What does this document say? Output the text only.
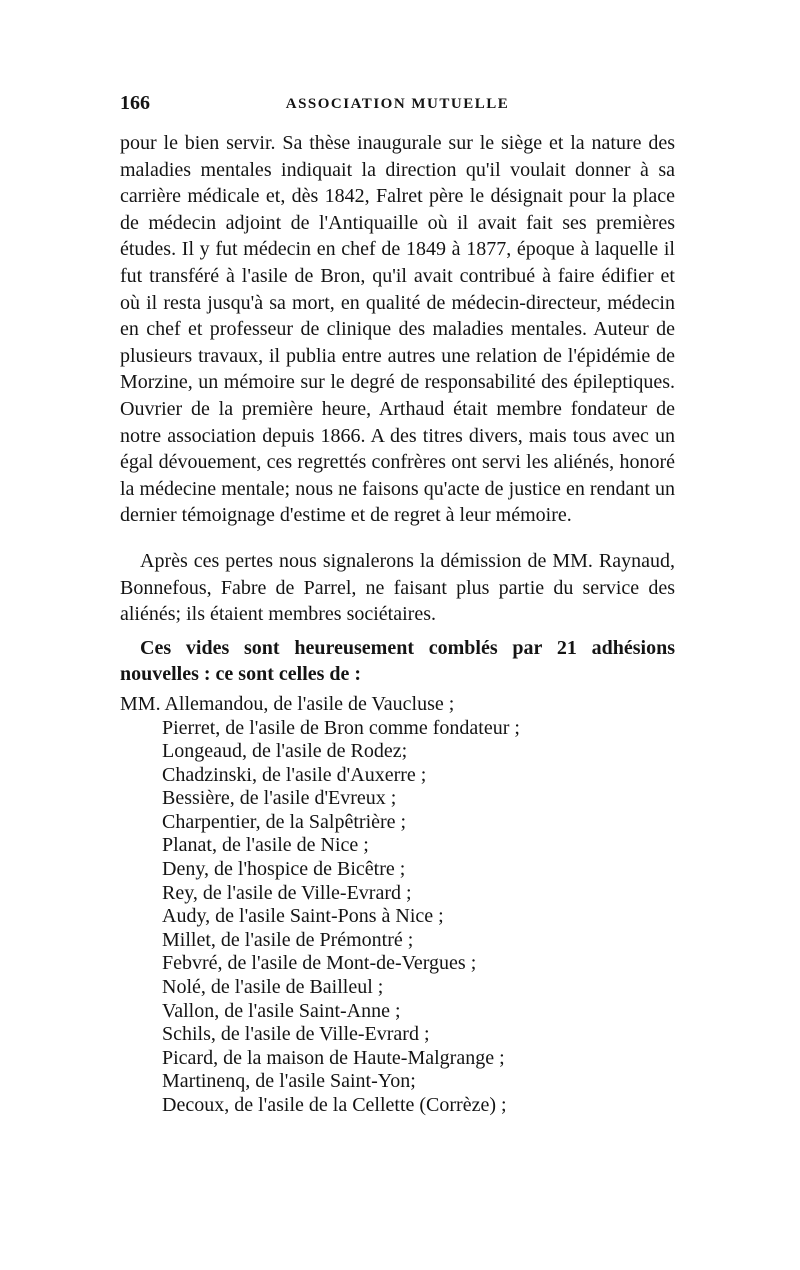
166	ASSOCIATION MUTUELLE

pour le bien servir. Sa thèse inaugurale sur le siège et la nature des maladies mentales indiquait la direction qu'il voulait donner à sa carrière médicale et, dès 1842, Falret père le désignait pour la place de médecin adjoint de l'Antiquaille où il avait fait ses premières études. Il y fut médecin en chef de 1849 à 1877, époque à laquelle il fut transféré à l'asile de Bron, qu'il avait contribué à faire édifier et où il resta jusqu'à sa mort, en qualité de médecin-directeur, médecin en chef et professeur de clinique des maladies mentales. Auteur de plusieurs travaux, il publia entre autres une relation de l'épidémie de Morzine, un mémoire sur le degré de responsabilité des épileptiques. Ouvrier de la première heure, Arthaud était membre fondateur de notre association depuis 1866. A des titres divers, mais tous avec un égal dévouement, ces regrettés confrères ont servi les aliénés, honoré la médecine mentale; nous ne faisons qu'acte de justice en rendant un dernier témoignage d'estime et de regret à leur mémoire.

Après ces pertes nous signalerons la démission de MM. Raynaud, Bonnefous, Fabre de Parrel, ne faisant plus partie du service des aliénés; ils étaient membres sociétaires.

Ces vides sont heureusement comblés par 21 adhésions nouvelles : ce sont celles de :

MM. Allemandou, de l'asile de Vaucluse ;
Pierret, de l'asile de Bron comme fondateur ;
Longeaud, de l'asile de Rodez;
Chadzinski, de l'asile d'Auxerre ;
Bessière, de l'asile d'Evreux ;
Charpentier, de la Salpêtrière ;
Planat, de l'asile de Nice ;
Deny, de l'hospice de Bicêtre ;
Rey, de l'asile de Ville-Evrard ;
Audy, de l'asile Saint-Pons à Nice ;
Millet, de l'asile de Prémontré ;
Febvré, de l'asile de Mont-de-Vergues ;
Nolé, de l'asile de Bailleul ;
Vallon, de l'asile Saint-Anne ;
Schils, de l'asile de Ville-Evrard ;
Picard, de la maison de Haute-Malgrange ;
Martinenq, de l'asile Saint-Yon;
Decoux, de l'asile de la Cellette (Corrèze) ;
